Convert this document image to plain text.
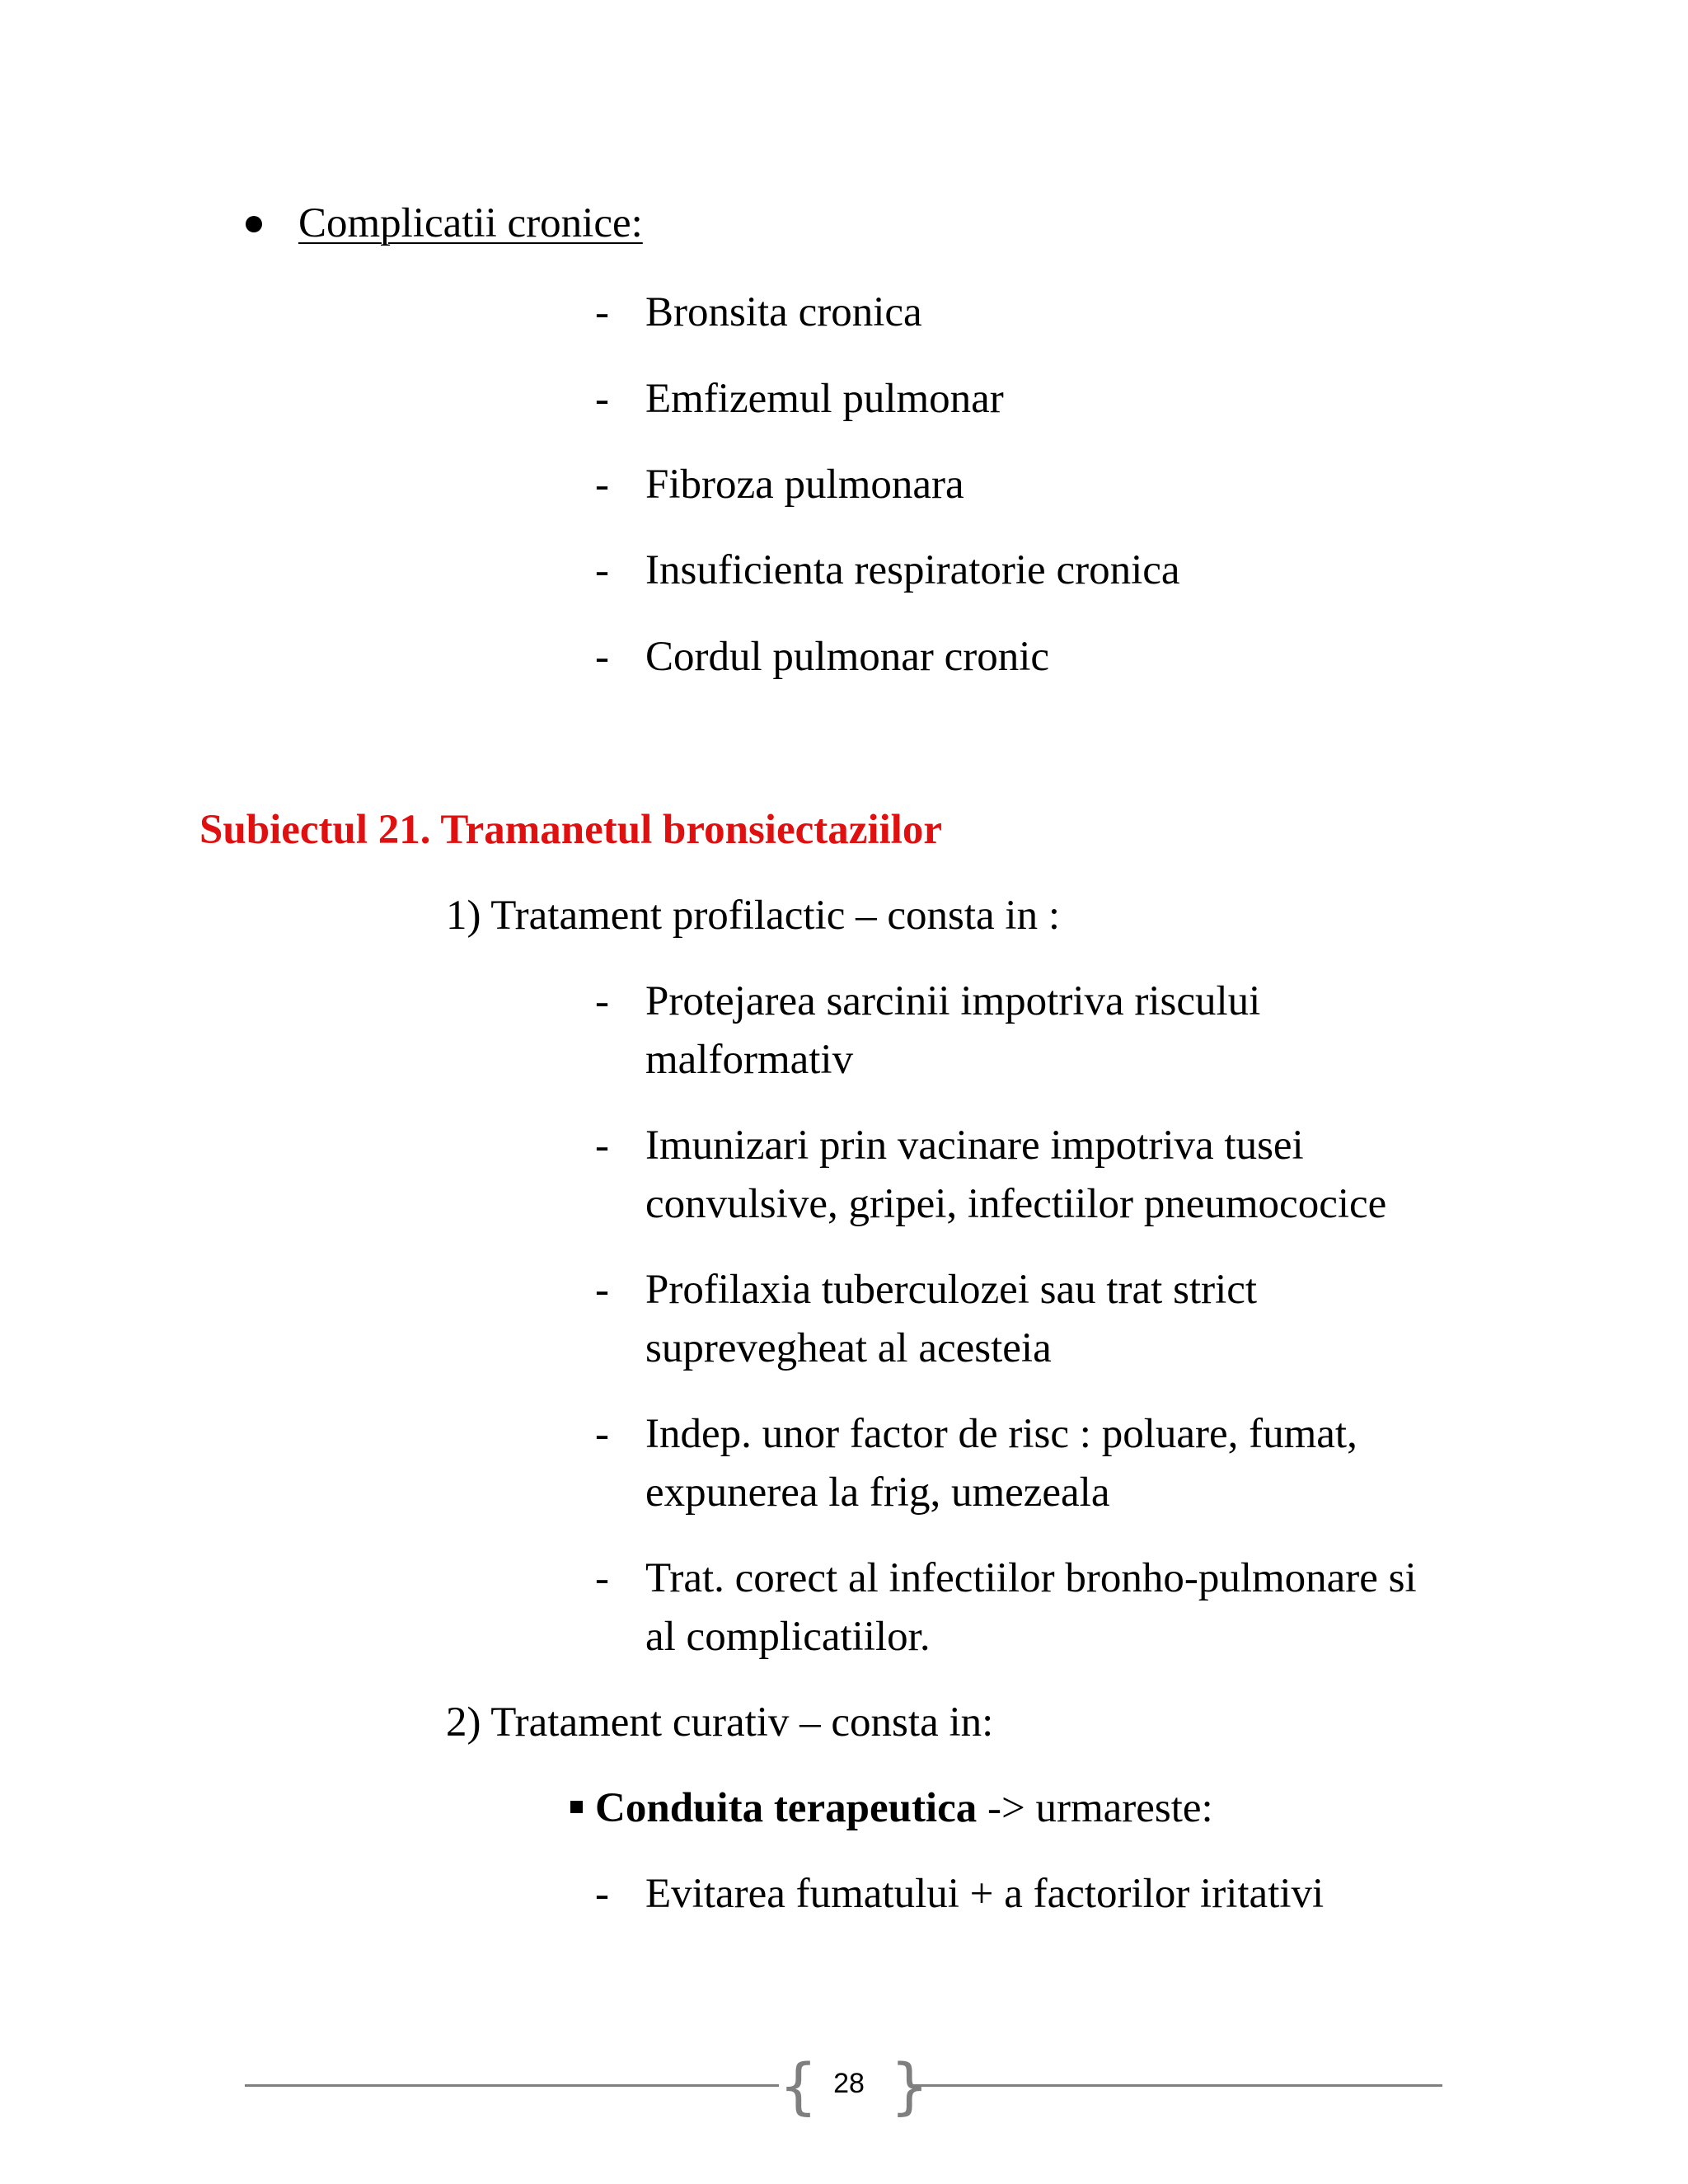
Complicatii cronice:
- Bronsita cronica
- Emfizemul pulmonar
- Fibroza pulmonara
- Insuficienta respiratorie cronica
- Cordul pulmonar cronic
Subiectul 21. Tramanetul bronsiectaziilor
1) Tratament profilactic – consta in :
- Protejarea sarcinii impotriva riscului
malformativ
- Imunizari prin vacinare impotriva tusei
convulsive, gripei, infectiilor pneumococice
- Profilaxia tuberculozei sau trat strict
suprevegheat al acesteia
- Indep. unor factor de risc : poluare, fumat,
expunerea la frig, umezeala
- Trat. corect al infectiilor bronho-pulmonare si
al complicatiilor.
2) Tratament curativ – consta in:
Conduita terapeutica -> urmareste:
- Evitarea fumatului + a factorilor iritativi
{ }
28
